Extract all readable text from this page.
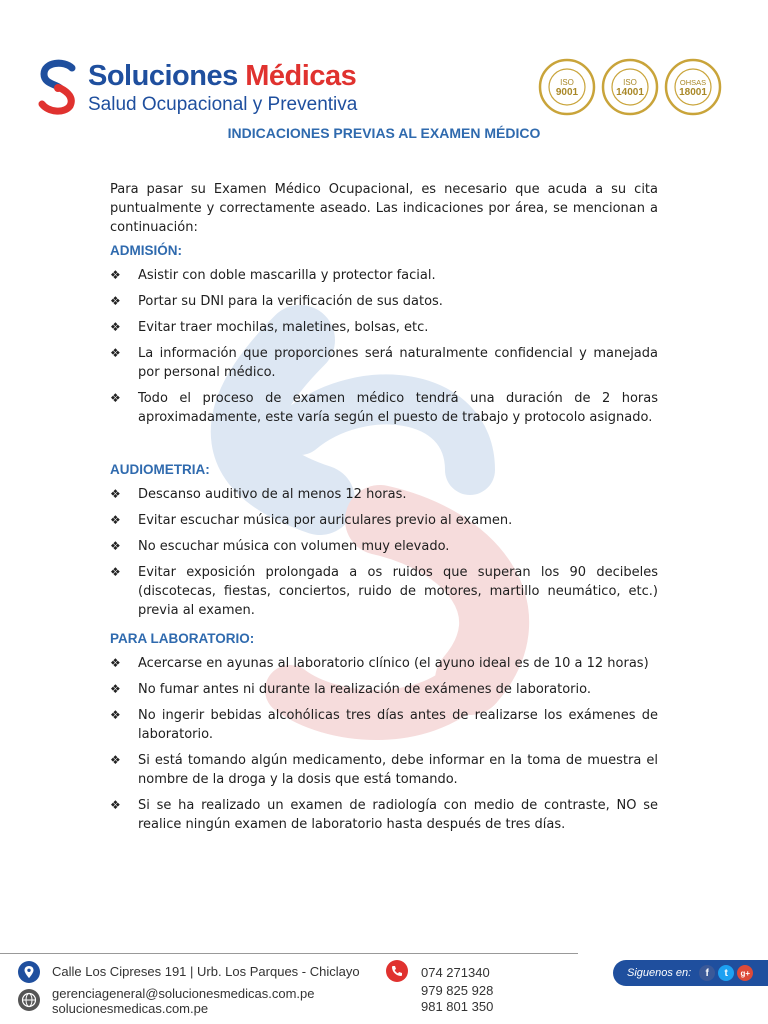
Soluciones Médicas
Salud Ocupacional y Preventiva
ISO
9001
ISO
14001
OHSAS
18001
INDICACIONES PREVIAS AL EXAMEN MÉDICO

Para pasar su Examen Médico Ocupacional, es necesario que acuda a su cita puntualmente y correctamente aseado. Las indicaciones por área, se mencionan a continuación:

ADMISIÓN:
❖ Asistir con doble mascarilla y protector facial.
❖ Portar su DNI para la verificación de sus datos.
❖ Evitar traer mochilas, maletines, bolsas, etc.
❖ La información que proporciones será naturalmente confidencial y manejada por personal médico.
❖ Todo el proceso de examen médico tendrá una duración de 2 horas aproximadamente, este varía según el puesto de trabajo y protocolo asignado.
AUDIOMETRIA:
❖ Descanso auditivo de al menos 12 horas.
❖ Evitar escuchar música por auriculares previo al examen.
❖ No escuchar música con volumen muy elevado.
❖ Evitar exposición prolongada a os ruidos que superan los 90 decibeles (discotecas, fiestas, conciertos, ruido de motores, martillo neumático, etc.) previa al examen.
PARA LABORATORIO:
❖ Acercarse en ayunas al laboratorio clínico (el ayuno ideal es de 10 a 12 horas)
❖ No fumar antes ni durante la realización de exámenes de laboratorio.
❖ No ingerir bebidas alcohólicas tres días antes de realizarse los exámenes de laboratorio.
❖ Si está tomando algún medicamento, debe informar en la toma de muestra el nombre de la droga y la dosis que está tomando.
❖ Si se ha realizado un examen de radiología con medio de contraste, NO se realice ningún examen de laboratorio hasta después de tres días.
Calle Los Cipreses 191 | Urb. Los Parques - Chiclayo
gerenciageneral@solucionesmedicas.com.pe
solucionesmedicas.com.pe
074 271340
979 825 928
981 801 350
Siguenos en:	f	t	g+
